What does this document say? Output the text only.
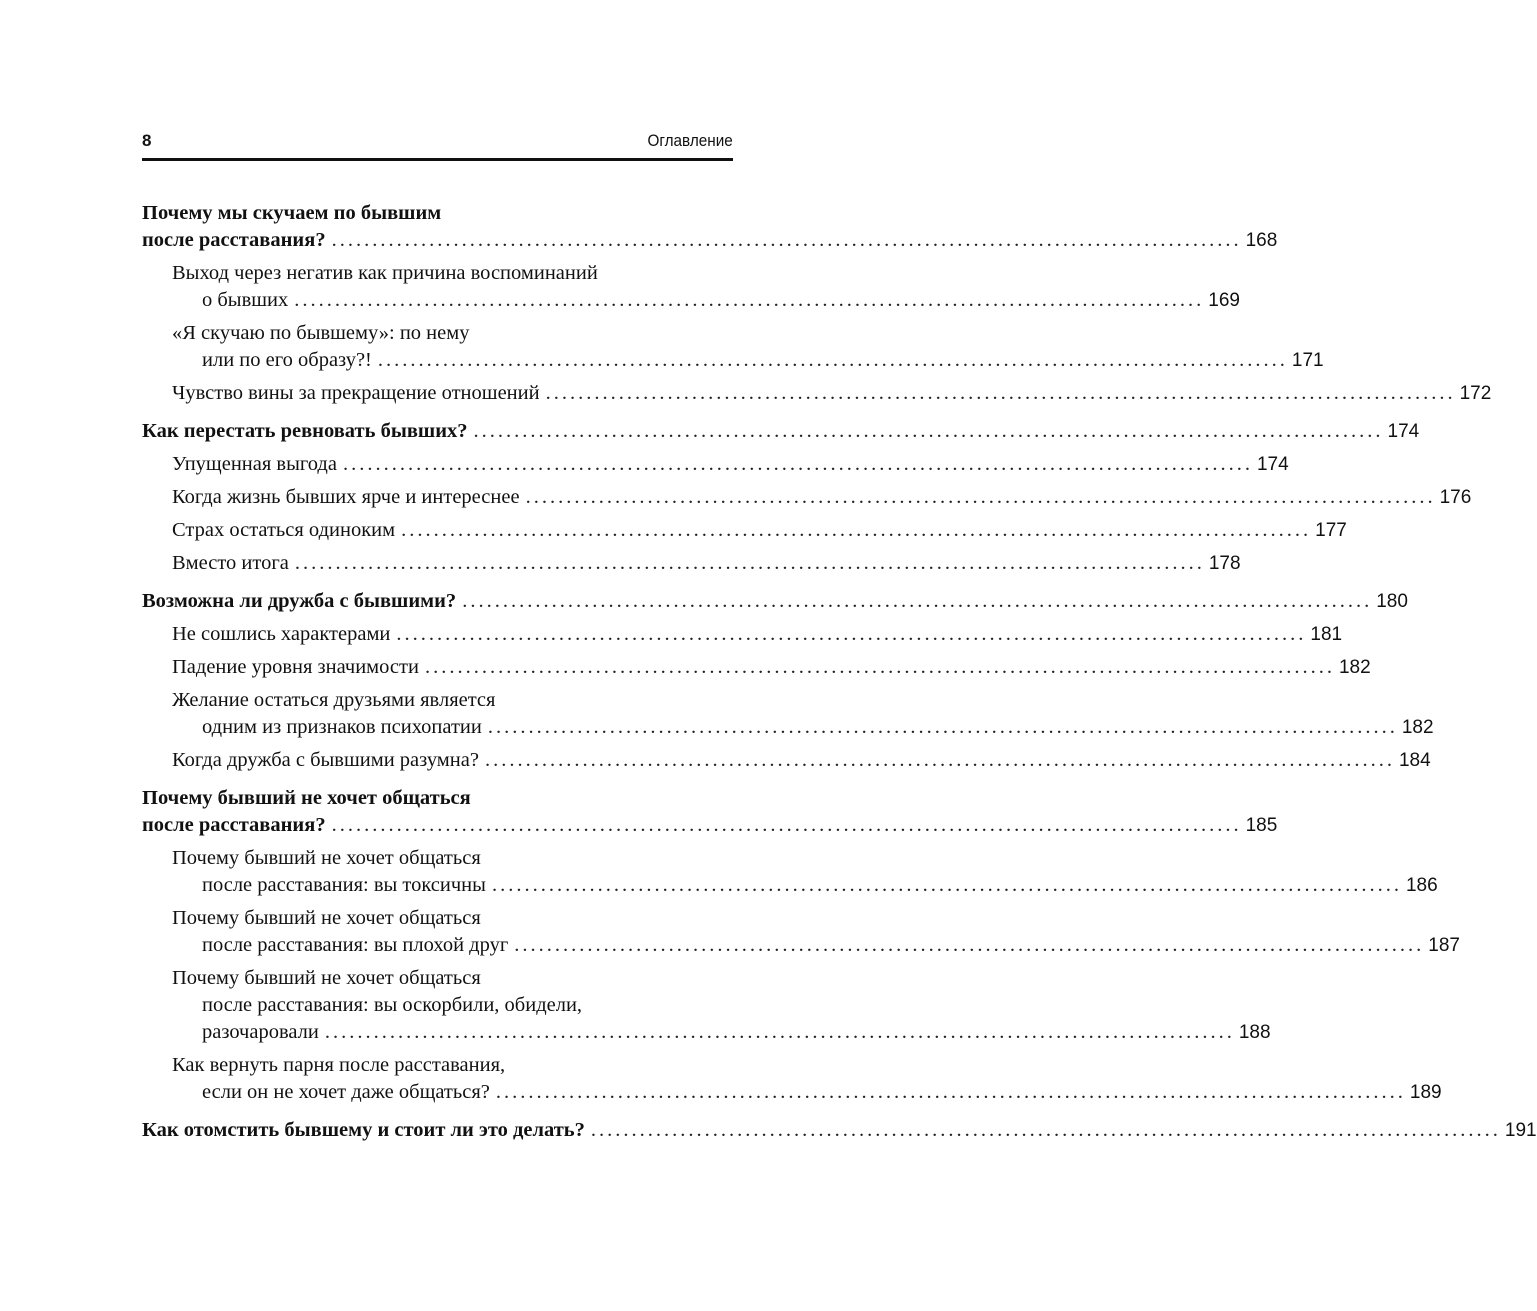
8	Оглавление
Почему мы скучаем по бывшим
после расставания? ................................................................................................................ 168
Выход через негатив как причина воспоминаний
о бывших ................................................................................................................ 169
«Я скучаю по бывшему»: по нему
или по его образу?! ................................................................................................................ 171
Чувство вины за прекращение отношений ................................................................................................................ 172
Как перестать ревновать бывших? ................................................................................................................ 174
Упущенная выгода ................................................................................................................ 174
Когда жизнь бывших ярче и интереснее ................................................................................................................ 176
Страх остаться одиноким ................................................................................................................ 177
Вместо итога ................................................................................................................ 178
Возможна ли дружба с бывшими? ................................................................................................................ 180
Не сошлись характерами ................................................................................................................ 181
Падение уровня значимости ................................................................................................................ 182
Желание остаться друзьями является
одним из признаков психопатии ................................................................................................................ 182
Когда дружба с бывшими разумна? ................................................................................................................ 184
Почему бывший не хочет общаться
после расставания? ................................................................................................................ 185
Почему бывший не хочет общаться
после расставания: вы токсичны ................................................................................................................ 186
Почему бывший не хочет общаться
после расставания: вы плохой друг ................................................................................................................ 187
Почему бывший не хочет общаться
после расставания: вы оскорбили, обидели,
разочаровали ................................................................................................................ 188
Как вернуть парня после расставания,
если он не хочет даже общаться? ................................................................................................................ 189
Как отомстить бывшему и стоит ли это делать? ................................................................................................................ 191
